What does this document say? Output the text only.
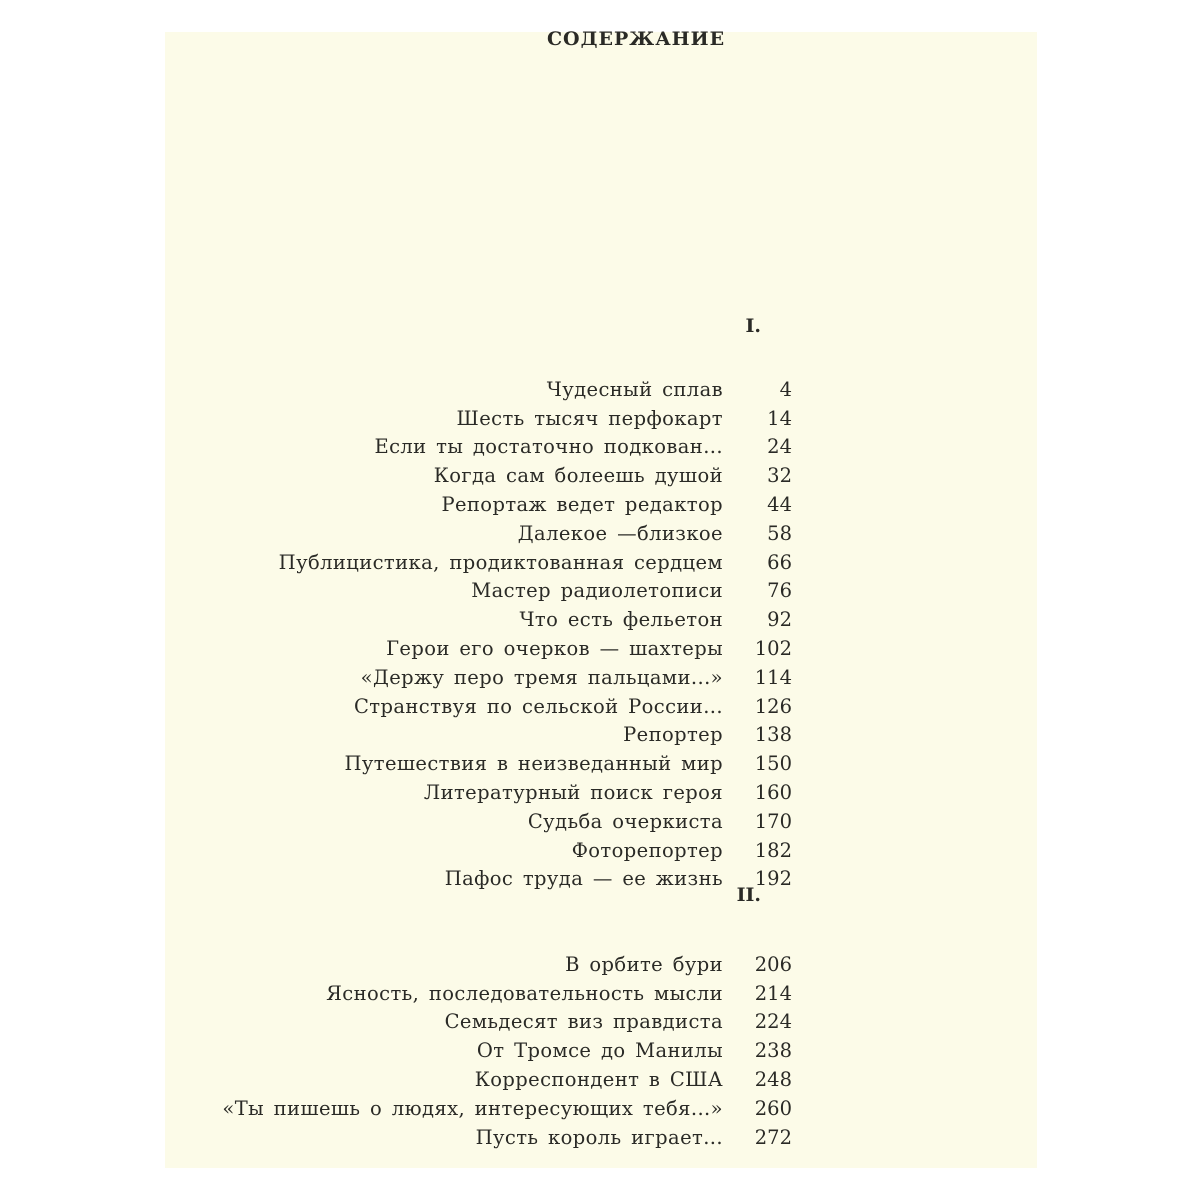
СОДЕРЖАНИЕ
I.
Чудесный сплав	4
Шесть тысяч перфокарт 14
Если ты достаточно подкован... 24
Когда сам болеешь душой 32
Репортаж ведет редактор 44
Далекое —близкое 58
Публицистика, продиктованная сердцем 66
Мастер радиолетописи 76
Что есть фельетон 92
Герои его очерков — шахтеры 102
«Держу перо тремя пальцами...» 114
Странствуя по сельской России... 126
Репортер 138
Путешествия в неизведанный мир 150
Литературный поиск героя 160
Судьба очеркиста 170
Фоторепортер 182
Пафос труда — ее жизнь 192
II.
В орбите бури 206
Ясность, последовательность мысли 214
Семьдесят виз правдиста 224
От Тромсе до Манилы 238
Корреспондент в США 248
«Ты пишешь о людях, интересующих тебя...» 260
Пусть король играет... 272
